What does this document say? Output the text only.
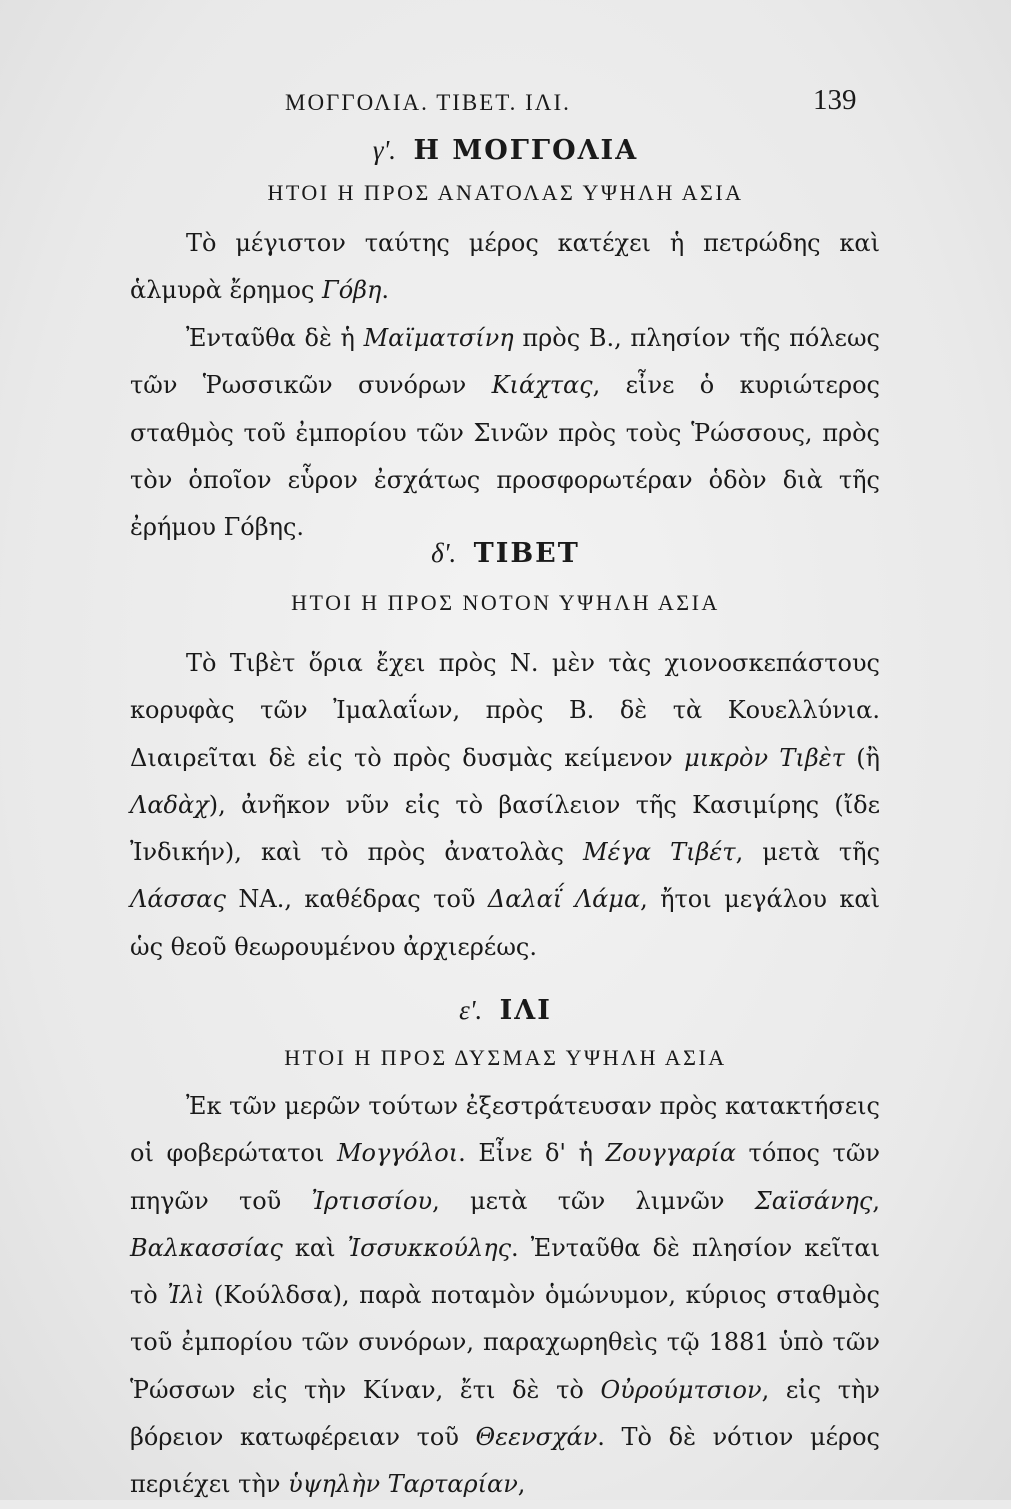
ΜΟΓΓΟΛΙΑ. ΤΙΒΕΤ. ΙΛΙ.	139
γ'. Η ΜΟΓΓΟΛΙΑ
ΗΤΟΙ Η ΠΡΟΣ ΑΝΑΤΟΛΑΣ ΥΨΗΛΗ ΑΣΙΑ

Τὸ μέγιστον ταύτης μέρος κατέχει ἡ πετρώδης καὶ ἁλμυρὰ ἔρημος Γόβη.

Ἐνταῦθα δὲ ἡ Μαϊματσίνη πρὸς Β., πλησίον τῆς πόλεως τῶν Ῥωσσικῶν συνόρων Κιάχτας, εἶνε ὁ κυριώτερος σταθμὸς τοῦ ἐμπορίου τῶν Σινῶν πρὸς τοὺς Ῥώσσους, πρὸς τὸν ὁποῖον εὗρον ἐσχάτως προσφορωτέραν ὁδὸν διὰ τῆς ἐρήμου Γόβης.

δ'. ΤΙΒΕΤ
ΗΤΟΙ Η ΠΡΟΣ ΝΟΤΟΝ ΥΨΗΛΗ ΑΣΙΑ

Τὸ Τιβὲτ ὅρια ἔχει πρὸς Ν. μὲν τὰς χιονοσκεπάστους κορυφὰς τῶν Ἰμαλαΐων, πρὸς Β. δὲ τὰ Κουελλύνια. Διαιρεῖται δὲ εἰς τὸ πρὸς δυσμὰς κείμενον μικρὸν Τιβὲτ (ἢ Λαδὰχ), ἀνῆκον νῦν εἰς τὸ βασίλειον τῆς Κασιμίρης (ἴδε Ἰνδικήν), καὶ τὸ πρὸς ἀνατολὰς Μέγα Τιβέτ, μετὰ τῆς Λάσσας ΝΑ., καθέδρας τοῦ Δαλαΐ Λάμα, ἤτοι μεγάλου καὶ ὡς θεοῦ θεωρουμένου ἀρχιερέως.

ε'. ΙΛΙ
ΗΤΟΙ Η ΠΡΟΣ ΔΥΣΜΑΣ ΥΨΗΛΗ ΑΣΙΑ

Ἐκ τῶν μερῶν τούτων ἐξεστράτευσαν πρὸς κατακτήσεις οἱ φοβερώτατοι Μογγόλοι. Εἶνε δ' ἡ Ζουγγαρία τόπος τῶν πηγῶν τοῦ Ἰρτισσίου, μετὰ τῶν λιμνῶν Σαϊσάνης, Βαλκασσίας καὶ Ἰσσυκκούλης. Ἐνταῦθα δὲ πλησίον κεῖται τὸ Ἰλὶ (Κούλδσα), παρὰ ποταμὸν ὁμώνυμον, κύριος σταθμὸς τοῦ ἐμπορίου τῶν συνόρων, παραχωρηθεὶς τῷ 1881 ὑπὸ τῶν Ῥώσσων εἰς τὴν Κίναν, ἔτι δὲ τὸ Οὐρούμτσιον, εἰς τὴν βόρειον κατωφέρειαν τοῦ Θεενσχάν. Τὸ δὲ νότιον μέρος περιέχει τὴν ὑψηλὴν Ταρταρίαν,
